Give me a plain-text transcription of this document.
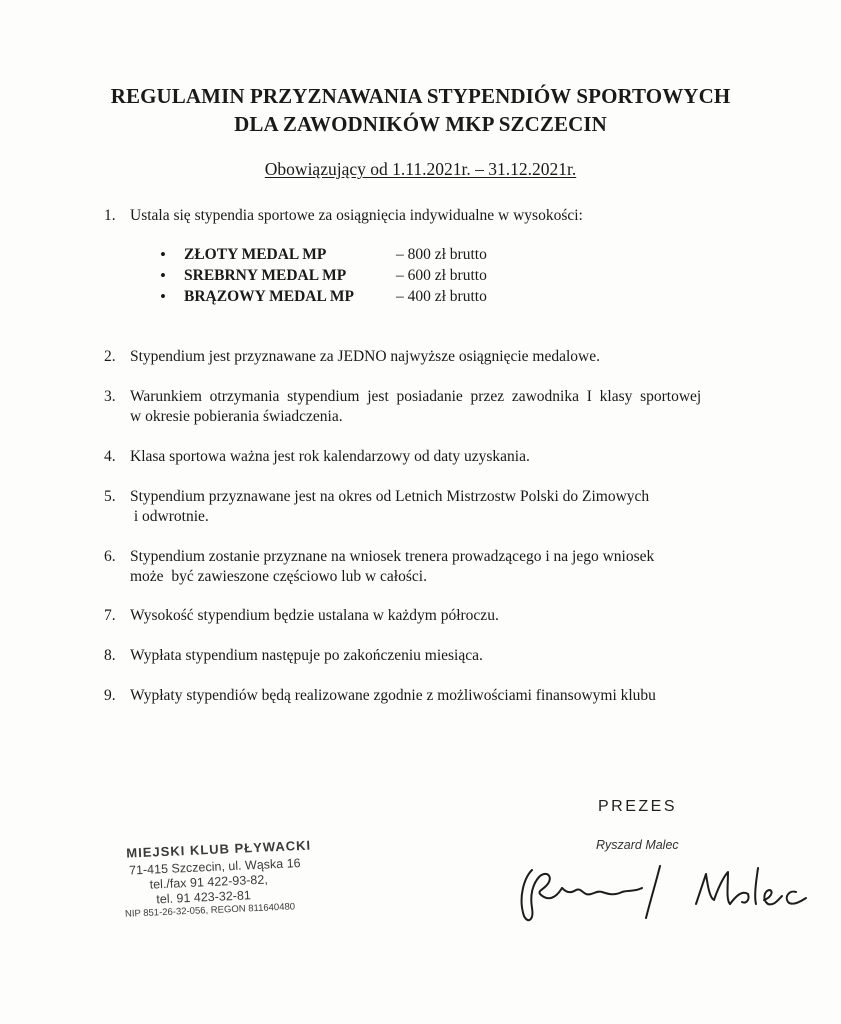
REGULAMIN PRZYZNAWANIA STYPENDIÓW SPORTOWYCH
DLA ZAWODNIKÓW MKP SZCZECIN
Obowiązujący od 1.11.2021r. – 31.12.2021r.
1. Ustala się stypendia sportowe za osiągnięcia indywidualne w wysokości:
• ZŁOTY MEDAL MP	– 800 zł brutto
• SREBRNY MEDAL MP	– 600 zł brutto
• BRĄZOWY MEDAL MP	– 400 zł brutto
2. Stypendium jest przyznawane za JEDNO najwyższe osiągnięcie medalowe.
3. Warunkiem  otrzymania  stypendium  jest  posiadanie  przez  zawodnika  I  klasy  sportowej
w okresie pobierania świadczenia.
4. Klasa sportowa ważna jest rok kalendarzowy od daty uzyskania.
5. Stypendium przyznawane jest na okres od Letnich Mistrzostw Polski do Zimowych
i odwrotnie.
6. Stypendium zostanie przyznane na wniosek trenera prowadzącego i na jego wniosek
może  być zawieszone częściowo lub w całości.
7. Wysokość stypendium będzie ustalana w każdym półroczu.
8. Wypłata stypendium następuje po zakończeniu miesiąca.
9. Wypłaty stypendiów będą realizowane zgodnie z możliwościami finansowymi klubu
PREZES
Ryszard Malec
MIEJSKI KLUB PŁYWACKI
71-415 Szczecin, ul. Wąska 16
tel./fax 91 422-93-82,
tel. 91 423-32-81
NIP 851-26-32-056, REGON 811640480
